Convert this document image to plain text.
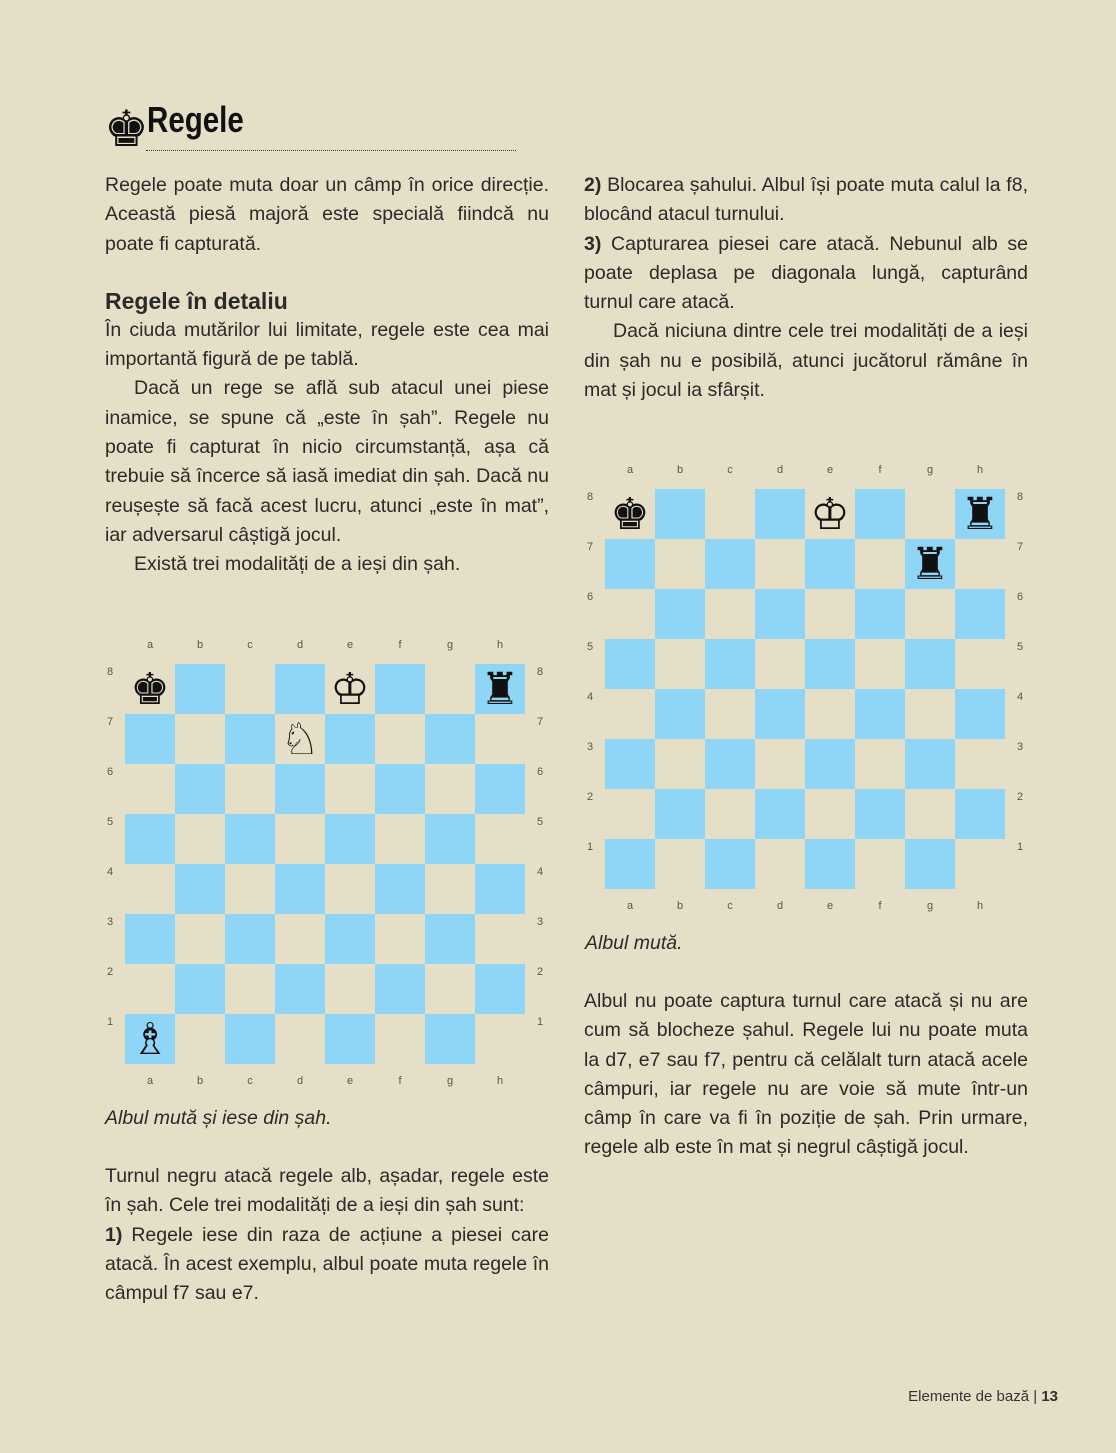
♚
Regele

Regele poate muta doar un câmp în orice direcție. Această piesă majoră este specială fiindcă nu poate fi capturată.

Regele în detaliu

În ciuda mutărilor lui limitate, regele este cea mai importantă figură de pe tablă.

Dacă un rege se află sub atacul unei piese inamice, se spune că „este în șah”. Regele nu poate fi capturat în nicio circumstanță, așa că trebuie să încerce să iasă imediat din șah. Dacă nu reușește să facă acest lucru, atunci „este în mat”, iar adversarul câștigă jocul.

Există trei modalități de a ieși din șah.

a
a
b
b
c
c
d
d
e
e
f
f
g
g
h
h
8	8
7	7
6	6
5	5
4	4
3	3
2	2
1	1
♚	♔	♜
♘
♗
Albul mută și iese din șah.

Turnul negru atacă regele alb, așadar, regele este în șah. Cele trei modalități de a ieși din șah sunt:

1) Regele iese din raza de acțiune a piesei care atacă. În acest exemplu, albul poate muta regele în câmpul f7 sau e7.

2) Blocarea șahului. Albul își poate muta calul la f8, blocând atacul turnului.

3) Capturarea piesei care atacă. Nebunul alb se poate deplasa pe diagonala lungă, capturând turnul care atacă.

Dacă niciuna dintre cele trei modalități de a ieși din șah nu e posibilă, atunci jucătorul rămâne în mat și jocul ia sfârșit.

a
a
b
b
c
c
d
d
e
e
f
f
g
g
h
h
8	8
7	7
6	6
5	5
4	4
3	3
2	2
1	1
♚	♔	♜
♜
Albul mută.

Albul nu poate captura turnul care atacă și nu are cum să blocheze șahul. Regele lui nu poate muta la d7, e7 sau f7, pentru că celălalt turn atacă acele câmpuri, iar regele nu are voie să mute într-un câmp în care va fi în poziție de șah. Prin urmare, regele alb este în mat și negrul câștigă jocul.

Elemente de bază | 13
